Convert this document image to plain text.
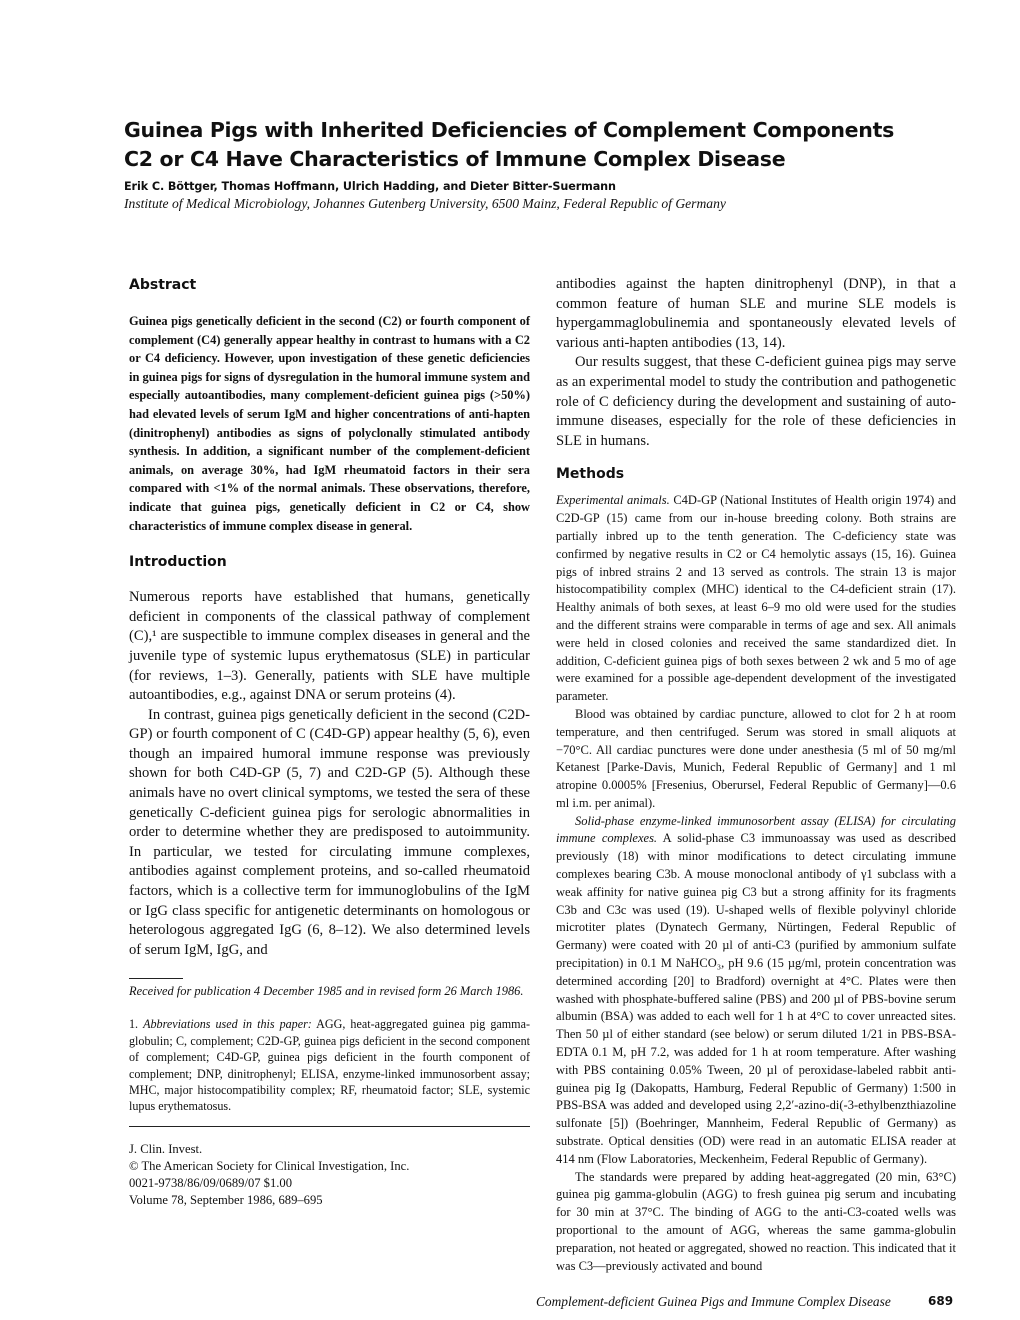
Guinea Pigs with Inherited Deficiencies of Complement Components
C2 or C4 Have Characteristics of Immune Complex Disease
Erik C. Böttger, Thomas Hoffmann, Ulrich Hadding, and Dieter Bitter-Suermann
Institute of Medical Microbiology, Johannes Gutenberg University, 6500 Mainz, Federal Republic of Germany
Abstract

Guinea pigs genetically deficient in the second (C2) or fourth component of complement (C4) generally appear healthy in contrast to humans with a C2 or C4 deficiency. However, upon investigation of these genetic deficiencies in guinea pigs for signs of dysregulation in the humoral immune system and especially autoantibodies, many complement-deficient guinea pigs (>50%) had elevated levels of serum IgM and higher concentrations of anti-hapten (dinitrophenyl) antibodies as signs of polyclonally stimulated antibody synthesis. In addition, a significant number of the complement-deficient animals, on average 30%, had IgM rheumatoid factors in their sera compared with <1% of the normal animals. These observations, therefore, indicate that guinea pigs, genetically deficient in C2 or C4, show characteristics of immune complex disease in general.

Introduction

Numerous reports have established that humans, genetically deficient in components of the classical pathway of complement (C),¹ are suspectible to immune complex diseases in general and the juvenile type of systemic lupus erythematosus (SLE) in particular (for reviews, 1–3). Generally, patients with SLE have multiple autoantibodies, e.g., against DNA or serum proteins (4).

In contrast, guinea pigs genetically deficient in the second (C2D-GP) or fourth component of C (C4D-GP) appear healthy (5, 6), even though an impaired humoral immune response was previously shown for both C4D-GP (5, 7) and C2D-GP (5). Although these animals have no overt clinical symptoms, we tested the sera of these genetically C-deficient guinea pigs for serologic abnormalities in order to determine whether they are predisposed to autoimmunity. In particular, we tested for circulating immune complexes, antibodies against complement proteins, and so-called rheumatoid factors, which is a collective term for immunoglobulins of the IgM or IgG class specific for antigenetic determinants on homologous or heterologous aggregated IgG (6, 8–12). We also determined levels of serum IgM, IgG, and

Received for publication 4 December 1985 and in revised form 26 March 1986.

1. Abbreviations used in this paper: AGG, heat-aggregated guinea pig gamma-globulin; C, complement; C2D-GP, guinea pigs deficient in the second component of complement; C4D-GP, guinea pigs deficient in the fourth component of complement; DNP, dinitrophenyl; ELISA, enzyme-linked immunosorbent assay; MHC, major histocompatibility complex; RF, rheumatoid factor; SLE, systemic lupus erythematosus.

J. Clin. Invest.
© The American Society for Clinical Investigation, Inc.
0021-9738/86/09/0689/07 $1.00
Volume 78, September 1986, 689–695

antibodies against the hapten dinitrophenyl (DNP), in that a common feature of human SLE and murine SLE models is hypergammaglobulinemia and spontaneously elevated levels of various anti-hapten antibodies (13, 14).

Our results suggest, that these C-deficient guinea pigs may serve as an experimental model to study the contribution and pathogenetic role of C deficiency during the development and sustaining of auto-immune diseases, especially for the role of these deficiencies in SLE in humans.

Methods

Experimental animals. C4D-GP (National Institutes of Health origin 1974) and C2D-GP (15) came from our in-house breeding colony. Both strains are partially inbred up to the tenth generation. The C-deficiency state was confirmed by negative results in C2 or C4 hemolytic assays (15, 16). Guinea pigs of inbred strains 2 and 13 served as controls. The strain 13 is major histocompatibility complex (MHC) identical to the C4-deficient strain (17). Healthy animals of both sexes, at least 6–9 mo old were used for the studies and the different strains were comparable in terms of age and sex. All animals were held in closed colonies and received the same standardized diet. In addition, C-deficient guinea pigs of both sexes between 2 wk and 5 mo of age were examined for a possible age-dependent development of the investigated parameter.

Blood was obtained by cardiac puncture, allowed to clot for 2 h at room temperature, and then centrifuged. Serum was stored in small aliquots at −70°C. All cardiac punctures were done under anesthesia (5 ml of 50 mg/ml Ketanest [Parke-Davis, Munich, Federal Republic of Germany] and 1 ml atropine 0.0005% [Fresenius, Oberursel, Federal Republic of Germany]—0.6 ml i.m. per animal).

Solid-phase enzyme-linked immunosorbent assay (ELISA) for circulating immune complexes. A solid-phase C3 immunoassay was used as described previously (18) with minor modifications to detect circulating immune complexes bearing C3b. A mouse monoclonal antibody of γ1 subclass with a weak affinity for native guinea pig C3 but a strong affinity for its fragments C3b and C3c was used (19). U-shaped wells of flexible polyvinyl chloride microtiter plates (Dynatech Germany, Nürtingen, Federal Republic of Germany) were coated with 20 µl of anti-C3 (purified by ammonium sulfate precipitation) in 0.1 M NaHCO₃, pH 9.6 (15 µg/ml, protein concentration was determined according [20] to Bradford) overnight at 4°C. Plates were then washed with phosphate-buffered saline (PBS) and 200 µl of PBS-bovine serum albumin (BSA) was added to each well for 1 h at 4°C to cover unreacted sites. Then 50 µl of either standard (see below) or serum diluted 1/21 in PBS-BSA-EDTA 0.1 M, pH 7.2, was added for 1 h at room temperature. After washing with PBS containing 0.05% Tween, 20 µl of peroxidase-labeled rabbit anti-guinea pig Ig (Dakopatts, Hamburg, Federal Republic of Germany) 1:500 in PBS-BSA was added and developed using 2,2′-azino-di(-3-ethylbenzthiazoline sulfonate [5]) (Boehringer, Mannheim, Federal Republic of Germany) as substrate. Optical densities (OD) were read in an automatic ELISA reader at 414 nm (Flow Laboratories, Meckenheim, Federal Republic of Germany).

The standards were prepared by adding heat-aggregated (20 min, 63°C) guinea pig gamma-globulin (AGG) to fresh guinea pig serum and incubating for 30 min at 37°C. The binding of AGG to the anti-C3-coated wells was proportional to the amount of AGG, whereas the same gamma-globulin preparation, not heated or aggregated, showed no reaction. This indicated that it was C3—previously activated and bound

Complement-deficient Guinea Pigs and Immune Complex Disease	689
